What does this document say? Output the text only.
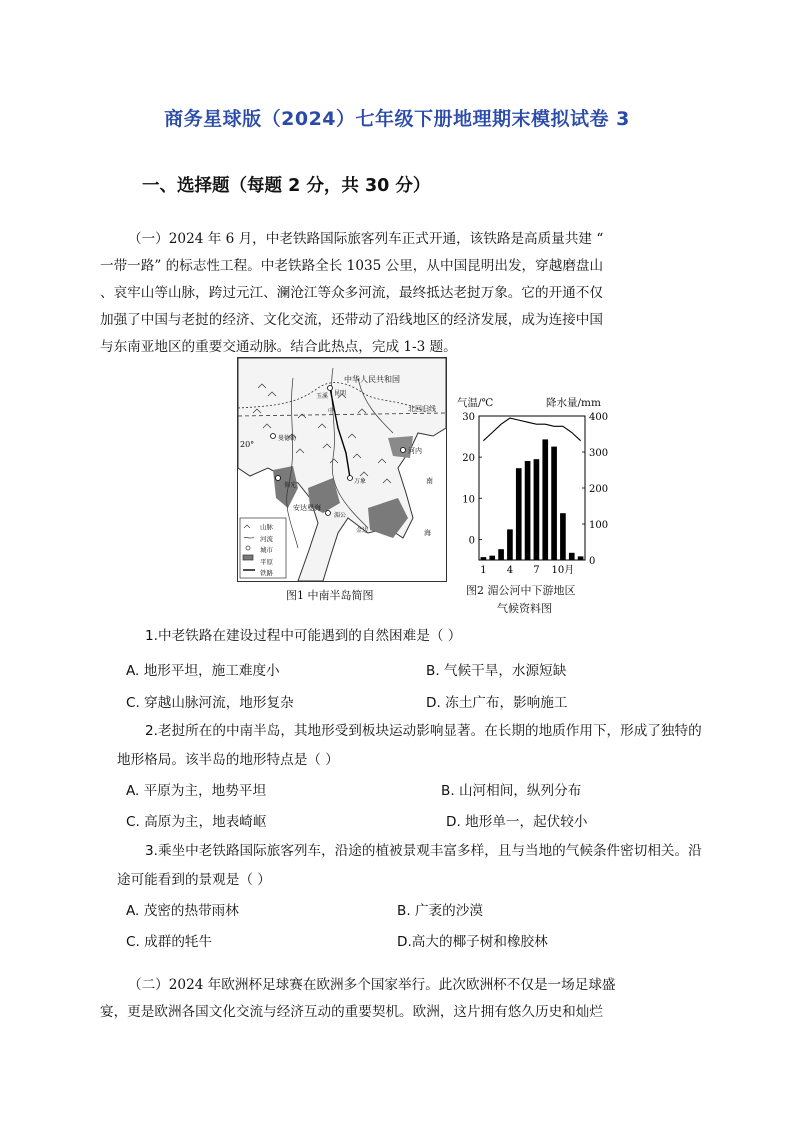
商务星球版（2024）七年级下册地理期末模拟试卷 3
一、选择题（每题 2 分，共 30 分）
（一）2024 年 6 月，中老铁路国际旅客列车正式开通，该铁路是高质量共建 “
一带一路” 的标志性工程。中老铁路全长 1035 公里，从中国昆明出发，穿越磨盘山
、哀牢山等山脉，跨过元江、澜沧江等众多河流，最终抵达老挝万象。它的开通不仅
加强了中国与老挝的经济、文化交流，还带动了沿线地区的经济发展，成为连接中国
与东南亚地区的重要交通动脉。结合此热点，完成 1-3 题。
中华人民共和国
玉溪 昆明
中	北回归线
20°
曼德勒
河内
仰光
万象
安达曼海
南
海
金边
湄公
山脉
河流
城市
平原
铁路
图1 中南半岛简图
气温/℃	降水量/mm
30
20
10
0
400
300
200
100
0
1 4 7 10月
图2 湄公河中下游地区
气候资料图
1.中老铁路在建设过程中可能遇到的自然困难是（ ）
A. 地形平坦，施工难度小	B. 气候干旱，水源短缺
C. 穿越山脉河流，地形复杂	D. 冻土广布，影响施工
2.老挝所在的中南半岛，其地形受到板块运动影响显著。在长期的地质作用下，形成了独特的地形格局。该半岛的地形特点是（ ）
A. 平原为主，地势平坦	B. 山河相间，纵列分布
C. 高原为主，地表崎岖	D. 地形单一，起伏较小
3.乘坐中老铁路国际旅客列车，沿途的植被景观丰富多样，且与当地的气候条件密切相关。沿途可能看到的景观是（ ）
A. 茂密的热带雨林	B. 广袤的沙漠
C. 成群的牦牛	D.高大的椰子树和橡胶林
（二）2024 年欧洲杯足球赛在欧洲多个国家举行。此次欧洲杯不仅是一场足球盛
宴，更是欧洲各国文化交流与经济互动的重要契机。欧洲，这片拥有悠久历史和灿烂
